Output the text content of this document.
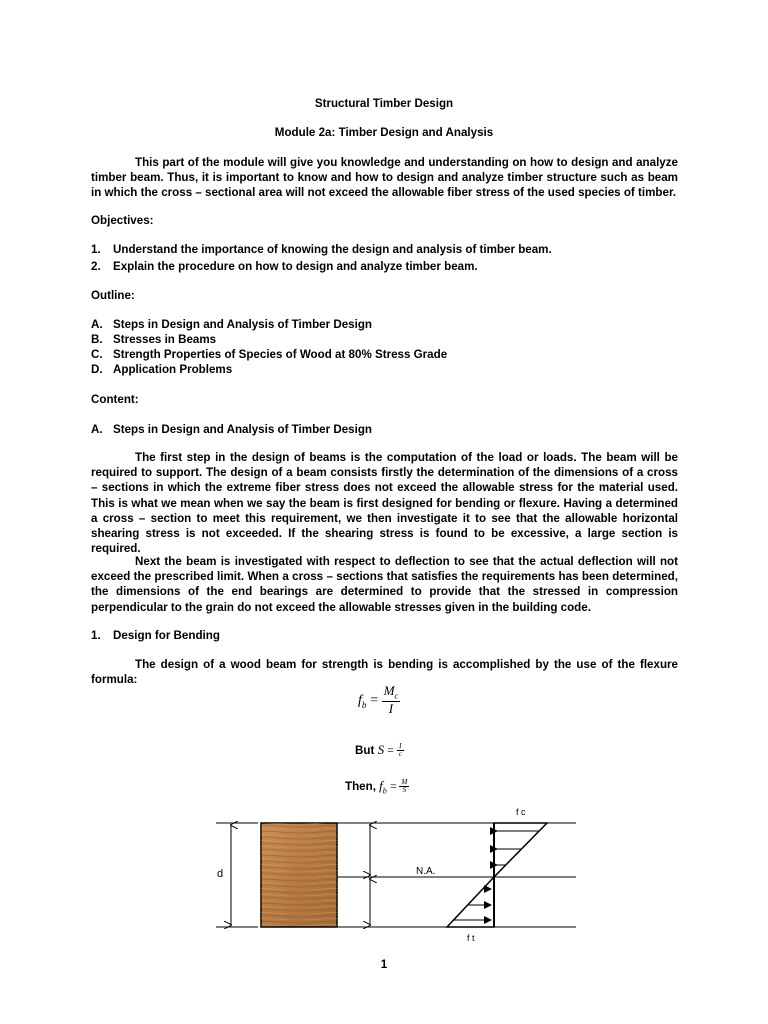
Structural Timber Design
Module 2a: Timber Design and Analysis
This part of the module will give you knowledge and understanding on how to design and analyze timber beam. Thus, it is important to know and how to design and analyze timber structure such as beam in which the cross – sectional area will not exceed the allowable fiber stress of the used species of timber.
Objectives:
1. Understand the importance of knowing the design and analysis of timber beam.
2. Explain the procedure on how to design and analyze timber beam.
Outline:
A. Steps in Design and Analysis of Timber Design
B. Stresses in Beams
C. Strength Properties of Species of Wood at 80% Stress Grade
D. Application Problems
Content:
A. Steps in Design and Analysis of Timber Design
The first step in the design of beams is the computation of the load or loads. The beam will be required to support. The design of a beam consists firstly the determination of the dimensions of a cross – sections in which the extreme fiber stress does not exceed the allowable stress for the material used. This is what we mean when we say the beam is first designed for bending or flexure. Having a determined a cross – section to meet this requirement, we then investigate it to see that the allowable horizontal shearing stress is not exceeded. If the shearing stress is found to be excessive, a large section is required.
Next the beam is investigated with respect to deflection to see that the actual deflection will not exceed the prescribed limit. When a cross – sections that satisfies the requirements has been determined, the dimensions of the end bearings are determined to provide that the stressed in compression perpendicular to the grain do not exceed the allowable stresses given in the building code.
1. Design for Bending
The design of a wood beam for strength is bending is accomplished by the use of the flexure formula:
$f_b = \frac{M_c}{I}$
But $S = \frac{I}{c}$
Then, $f_b = \frac{M}{S}$
d	N.A.
f c
f t
1
